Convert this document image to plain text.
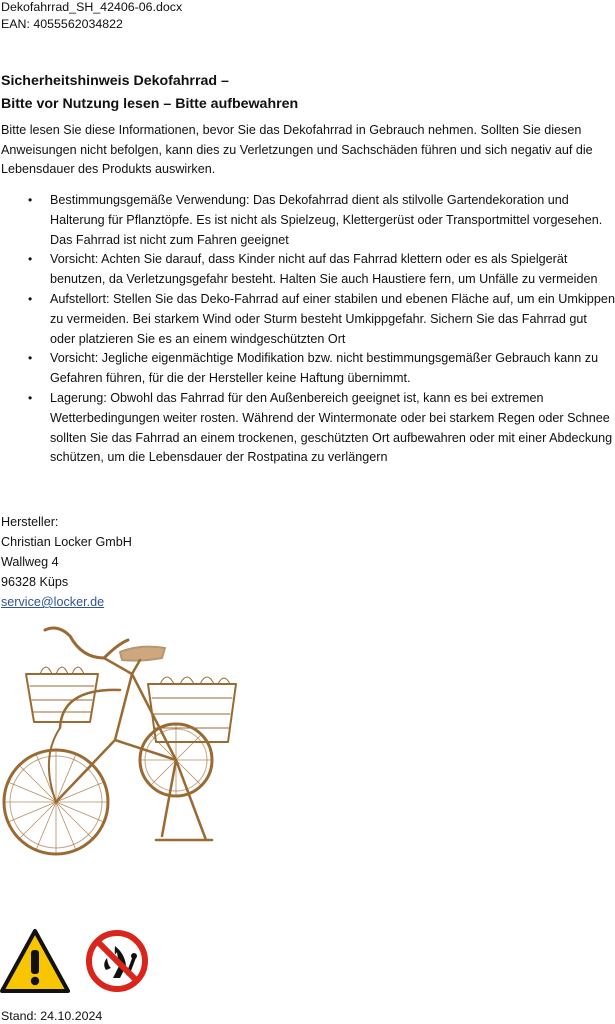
Dekofahrrad_SH_42406-06.docx
EAN: 4055562034822
Sicherheitshinweis Dekofahrrad –
Bitte vor Nutzung lesen – Bitte aufbewahren
Bitte lesen Sie diese Informationen, bevor Sie das Dekofahrrad in Gebrauch nehmen. Sollten Sie diesen Anweisungen nicht befolgen, kann dies zu Verletzungen und Sachschäden führen und sich negativ auf die Lebensdauer des Produkts auswirken.
• Bestimmungsgemäße Verwendung: Das Dekofahrrad dient als stilvolle Gartendekoration und Halterung für Pflanztöpfe. Es ist nicht als Spielzeug, Klettergerüst oder Transportmittel vorgesehen. Das Fahrrad ist nicht zum Fahren geeignet
• Vorsicht: Achten Sie darauf, dass Kinder nicht auf das Fahrrad klettern oder es als Spielgerät benutzen, da Verletzungsgefahr besteht. Halten Sie auch Haustiere fern, um Unfälle zu vermeiden
• Aufstellort: Stellen Sie das Deko-Fahrrad auf einer stabilen und ebenen Fläche auf, um ein Umkippen zu vermeiden. Bei starkem Wind oder Sturm besteht Umkippgefahr. Sichern Sie das Fahrrad gut oder platzieren Sie es an einem windgeschützten Ort
• Vorsicht: Jegliche eigenmächtige Modifikation bzw. nicht bestimmungsgemäßer Gebrauch kann zu Gefahren führen, für die der Hersteller keine Haftung übernimmt.
• Lagerung: Obwohl das Fahrrad für den Außenbereich geeignet ist, kann es bei extremen Wetterbedingungen weiter rosten. Während der Wintermonate oder bei starkem Regen oder Schnee sollten Sie das Fahrrad an einem trockenen, geschützten Ort aufbewahren oder mit einer Abdeckung schützen, um die Lebensdauer der Rostpatina zu verlängern
Hersteller:
Christian Locker GmbH
Wallweg 4
96328 Küps
service@locker.de
Stand: 24.10.2024
